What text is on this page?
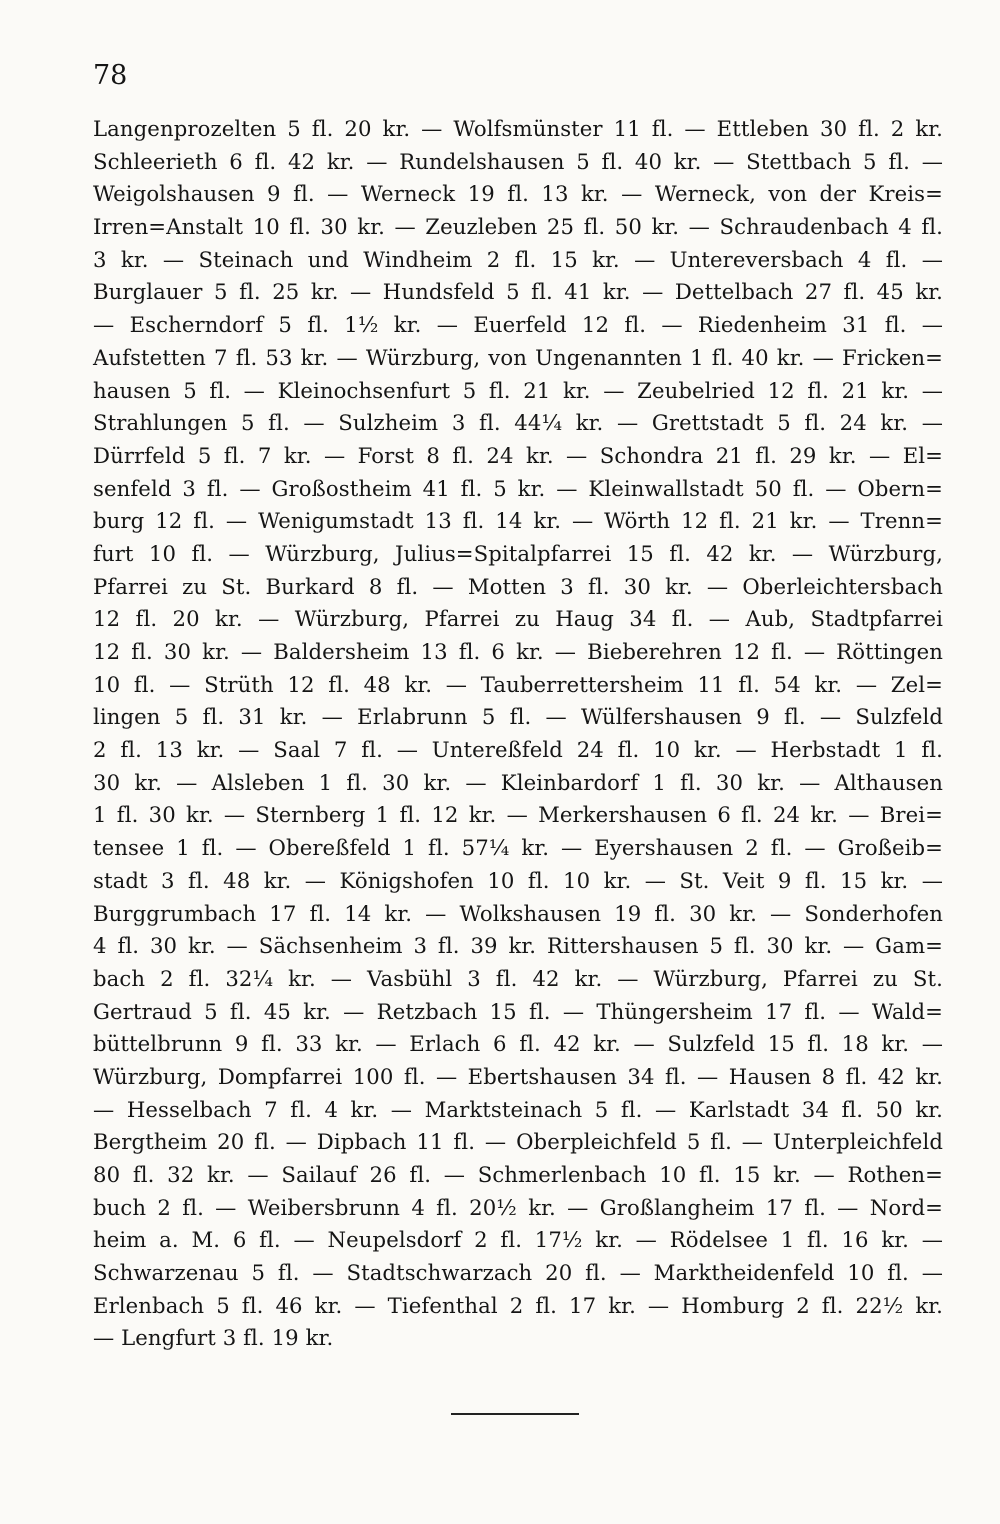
78
Langenprozelten 5 fl. 20 kr. — Wolfsmünster 11 fl. — Ettleben 30 fl. 2 kr.
Schleerieth 6 fl. 42 kr. — Rundelshausen 5 fl. 40 kr. — Stettbach 5 fl. —
Weigolshausen 9 fl. — Werneck 19 fl. 13 kr. — Werneck, von der Kreis=
Irren=Anstalt 10 fl. 30 kr. — Zeuzleben 25 fl. 50 kr. — Schraudenbach 4 fl.
3 kr. — Steinach und Windheim 2 fl. 15 kr. — Untereversbach 4 fl. —
Burglauer 5 fl. 25 kr. — Hundsfeld 5 fl. 41 kr. — Dettelbach 27 fl. 45 kr.
— Escherndorf 5 fl. 1½ kr. — Euerfeld 12 fl. — Riedenheim 31 fl. —
Aufstetten 7 fl. 53 kr. — Würzburg, von Ungenannten 1 fl. 40 kr. — Fricken=
hausen 5 fl. — Kleinochsenfurt 5 fl. 21 kr. — Zeubelried 12 fl. 21 kr. —
Strahlungen 5 fl. — Sulzheim 3 fl. 44¼ kr. — Grettstadt 5 fl. 24 kr. —
Dürrfeld 5 fl. 7 kr. — Forst 8 fl. 24 kr. — Schondra 21 fl. 29 kr. — El=
senfeld 3 fl. — Großostheim 41 fl. 5 kr. — Kleinwallstadt 50 fl. — Obern=
burg 12 fl. — Wenigumstadt 13 fl. 14 kr. — Wörth 12 fl. 21 kr. — Trenn=
furt 10 fl. — Würzburg, Julius=Spitalpfarrei 15 fl. 42 kr. — Würzburg,
Pfarrei zu St. Burkard 8 fl. — Motten 3 fl. 30 kr. — Oberleichtersbach
12 fl. 20 kr. — Würzburg, Pfarrei zu Haug 34 fl. — Aub, Stadtpfarrei
12 fl. 30 kr. — Baldersheim 13 fl. 6 kr. — Bieberehren 12 fl. — Röttingen
10 fl. — Strüth 12 fl. 48 kr. — Tauberrettersheim 11 fl. 54 kr. — Zel=
lingen 5 fl. 31 kr. — Erlabrunn 5 fl. — Wülfershausen 9 fl. — Sulzfeld
2 fl. 13 kr. — Saal 7 fl. — Untereßfeld 24 fl. 10 kr. — Herbstadt 1 fl.
30 kr. — Alsleben 1 fl. 30 kr. — Kleinbardorf 1 fl. 30 kr. — Althausen
1 fl. 30 kr. — Sternberg 1 fl. 12 kr. — Merkershausen 6 fl. 24 kr. — Brei=
tensee 1 fl. — Obereßfeld 1 fl. 57¼ kr. — Eyershausen 2 fl. — Großeib=
stadt 3 fl. 48 kr. — Königshofen 10 fl. 10 kr. — St. Veit 9 fl. 15 kr. —
Burggrumbach 17 fl. 14 kr. — Wolkshausen 19 fl. 30 kr. — Sonderhofen
4 fl. 30 kr. — Sächsenheim 3 fl. 39 kr. Rittershausen 5 fl. 30 kr. — Gam=
bach 2 fl. 32¼ kr. — Vasbühl 3 fl. 42 kr. — Würzburg, Pfarrei zu St.
Gertraud 5 fl. 45 kr. — Retzbach 15 fl. — Thüngersheim 17 fl. — Wald=
büttelbrunn 9 fl. 33 kr. — Erlach 6 fl. 42 kr. — Sulzfeld 15 fl. 18 kr. —
Würzburg, Dompfarrei 100 fl. — Ebertshausen 34 fl. — Hausen 8 fl. 42 kr.
— Hesselbach 7 fl. 4 kr. — Marktsteinach 5 fl. — Karlstadt 34 fl. 50 kr.
Bergtheim 20 fl. — Dipbach 11 fl. — Oberpleichfeld 5 fl. — Unterpleichfeld
80 fl. 32 kr. — Sailauf 26 fl. — Schmerlenbach 10 fl. 15 kr. — Rothen=
buch 2 fl. — Weibersbrunn 4 fl. 20½ kr. — Großlangheim 17 fl. — Nord=
heim a. M. 6 fl. — Neupelsdorf 2 fl. 17½ kr. — Rödelsee 1 fl. 16 kr. —
Schwarzenau 5 fl. — Stadtschwarzach 20 fl. — Marktheidenfeld 10 fl. —
Erlenbach 5 fl. 46 kr. — Tiefenthal 2 fl. 17 kr. — Homburg 2 fl. 22½ kr.
— Lengfurt 3 fl. 19 kr.
